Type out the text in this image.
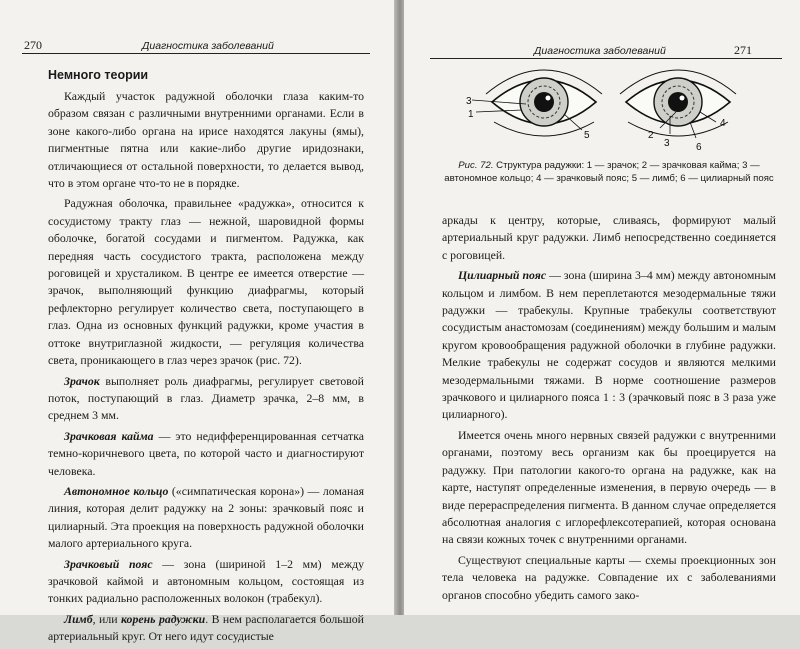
270	Диагностика заболеваний
Немного теории

Каждый участок радужной оболочки глаза каким-то образом связан с различными внутренними органами. Если в зоне какого-либо органа на ирисе находятся лакуны (ямы), пигментные пятна или какие-либо другие иридознаки, отличающиеся от остальной поверхности, то делается вывод, что в этом органе что-то не в порядке.

Радужная оболочка, правильнее «радужка», относится к сосудистому тракту глаз — нежной, шаровидной формы оболочке, богатой сосудами и пигментом. Радужка, как передняя часть сосудистого тракта, расположена между роговицей и хрусталиком. В центре ее имеется отверстие — зрачок, выполняющий функцию диафрагмы, который рефлекторно регулирует количество света, поступающего в глаз. Одна из основных функций радужки, кроме участия в оттоке внутриглазной жидкости, — регуляция количества света, проникающего в глаз через зрачок (рис. 72).

Зрачок выполняет роль диафрагмы, регулирует световой поток, поступающий в глаз. Диаметр зрачка, 2–8 мм, в среднем 3 мм.

Зрачковая кайма — это недифференцированная сетчатка темно-коричневого цвета, по которой часто и диагностируют человека.

Автономное кольцо («симпатическая корона») — ломаная линия, которая делит радужку на 2 зоны: зрачковый пояс и цилиарный. Эта проекция на поверхность радужной оболочки малого артериального круга.

Зрачковый пояс — зона (шириной 1–2 мм) между зрачковой каймой и автономным кольцом, состоящая из тонких радиально расположенных волокон (трабекул).

Лимб, или корень радужки. В нем располагается большой артериальный круг. От него идут сосудистые

Диагностика заболеваний	271
3
1
5	2
3
4
6
Рис. 72. Структура радужки: 1 — зрачок; 2 — зрачковая кайма; 3 — автономное кольцо; 4 — зрачковый пояс; 5 — лимб; 6 — цилиарный пояс

аркады к центру, которые, сливаясь, формируют малый артериальный круг радужки. Лимб непосредственно соединяется с роговицей.

Цилиарный пояс — зона (ширина 3–4 мм) между автономным кольцом и лимбом. В нем переплетаются мезодермальные тяжи радужки — трабекулы. Крупные трабекулы соответствуют сосудистым анастомозам (соединениям) между большим и малым кругом кровообращения радужной оболочки в глубине радужки. Мелкие трабекулы не содержат сосудов и являются мелкими мезодермальными тяжами. В норме соотношение размеров зрачкового и цилиарного пояса 1 : 3 (зрачковый пояс в 3 раза уже цилиарного).

Имеется очень много нервных связей радужки с внутренними органами, поэтому весь организм как бы проецируется на радужку. При патологии какого-то органа на радужке, как на карте, наступят определенные изменения, в первую очередь — в виде перераспределения пигмента. В данном случае определяется абсолютная аналогия с иглорефлексотерапией, которая основана на связи кожных точек с внутренними органами.

Существуют специальные карты — схемы проекционных зон тела человека на радужке. Совпадение их с заболеваниями органов способно убедить самого зако-
